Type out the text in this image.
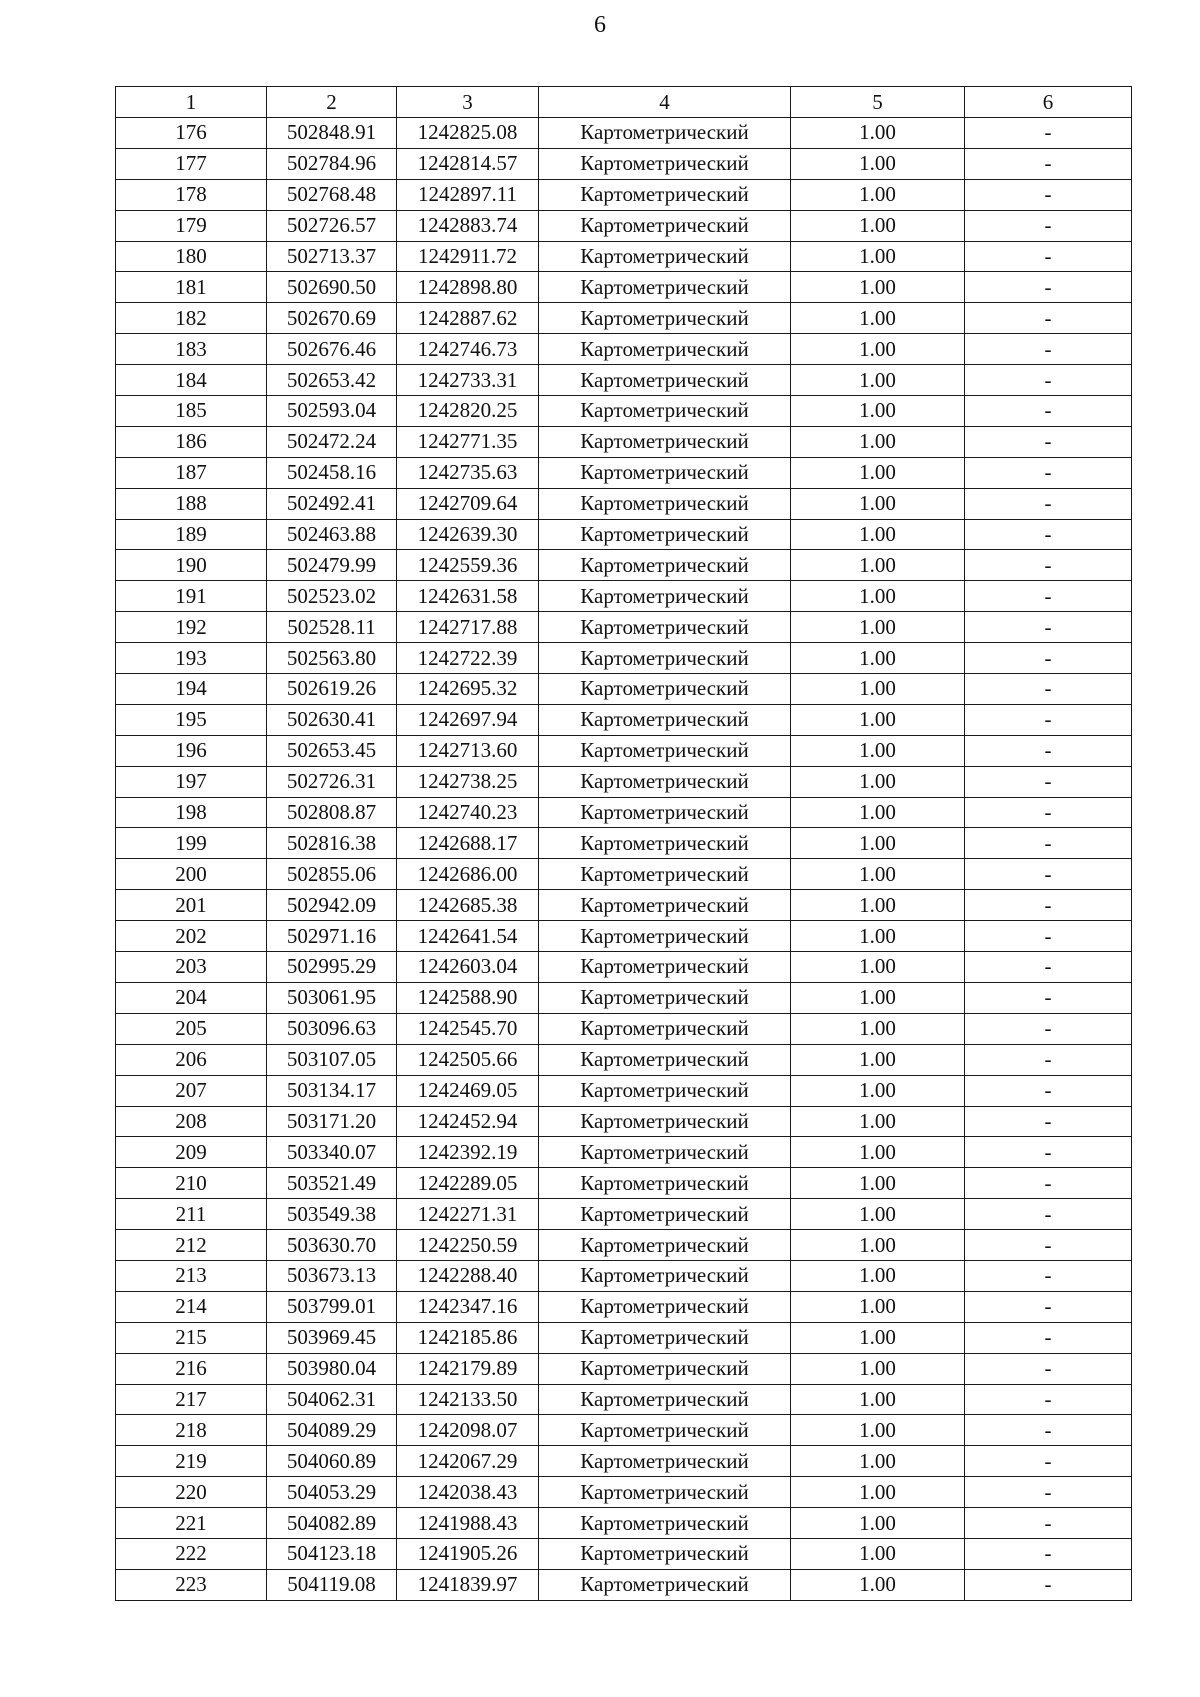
6
1	2	3	4	5	6
176	502848.91	1242825.08	Картометрический	1.00	-
177	502784.96	1242814.57	Картометрический	1.00	-
178	502768.48	1242897.11	Картометрический	1.00	-
179	502726.57	1242883.74	Картометрический	1.00	-
180	502713.37	1242911.72	Картометрический	1.00	-
181	502690.50	1242898.80	Картометрический	1.00	-
182	502670.69	1242887.62	Картометрический	1.00	-
183	502676.46	1242746.73	Картометрический	1.00	-
184	502653.42	1242733.31	Картометрический	1.00	-
185	502593.04	1242820.25	Картометрический	1.00	-
186	502472.24	1242771.35	Картометрический	1.00	-
187	502458.16	1242735.63	Картометрический	1.00	-
188	502492.41	1242709.64	Картометрический	1.00	-
189	502463.88	1242639.30	Картометрический	1.00	-
190	502479.99	1242559.36	Картометрический	1.00	-
191	502523.02	1242631.58	Картометрический	1.00	-
192	502528.11	1242717.88	Картометрический	1.00	-
193	502563.80	1242722.39	Картометрический	1.00	-
194	502619.26	1242695.32	Картометрический	1.00	-
195	502630.41	1242697.94	Картометрический	1.00	-
196	502653.45	1242713.60	Картометрический	1.00	-
197	502726.31	1242738.25	Картометрический	1.00	-
198	502808.87	1242740.23	Картометрический	1.00	-
199	502816.38	1242688.17	Картометрический	1.00	-
200	502855.06	1242686.00	Картометрический	1.00	-
201	502942.09	1242685.38	Картометрический	1.00	-
202	502971.16	1242641.54	Картометрический	1.00	-
203	502995.29	1242603.04	Картометрический	1.00	-
204	503061.95	1242588.90	Картометрический	1.00	-
205	503096.63	1242545.70	Картометрический	1.00	-
206	503107.05	1242505.66	Картометрический	1.00	-
207	503134.17	1242469.05	Картометрический	1.00	-
208	503171.20	1242452.94	Картометрический	1.00	-
209	503340.07	1242392.19	Картометрический	1.00	-
210	503521.49	1242289.05	Картометрический	1.00	-
211	503549.38	1242271.31	Картометрический	1.00	-
212	503630.70	1242250.59	Картометрический	1.00	-
213	503673.13	1242288.40	Картометрический	1.00	-
214	503799.01	1242347.16	Картометрический	1.00	-
215	503969.45	1242185.86	Картометрический	1.00	-
216	503980.04	1242179.89	Картометрический	1.00	-
217	504062.31	1242133.50	Картометрический	1.00	-
218	504089.29	1242098.07	Картометрический	1.00	-
219	504060.89	1242067.29	Картометрический	1.00	-
220	504053.29	1242038.43	Картометрический	1.00	-
221	504082.89	1241988.43	Картометрический	1.00	-
222	504123.18	1241905.26	Картометрический	1.00	-
223	504119.08	1241839.97	Картометрический	1.00	-
